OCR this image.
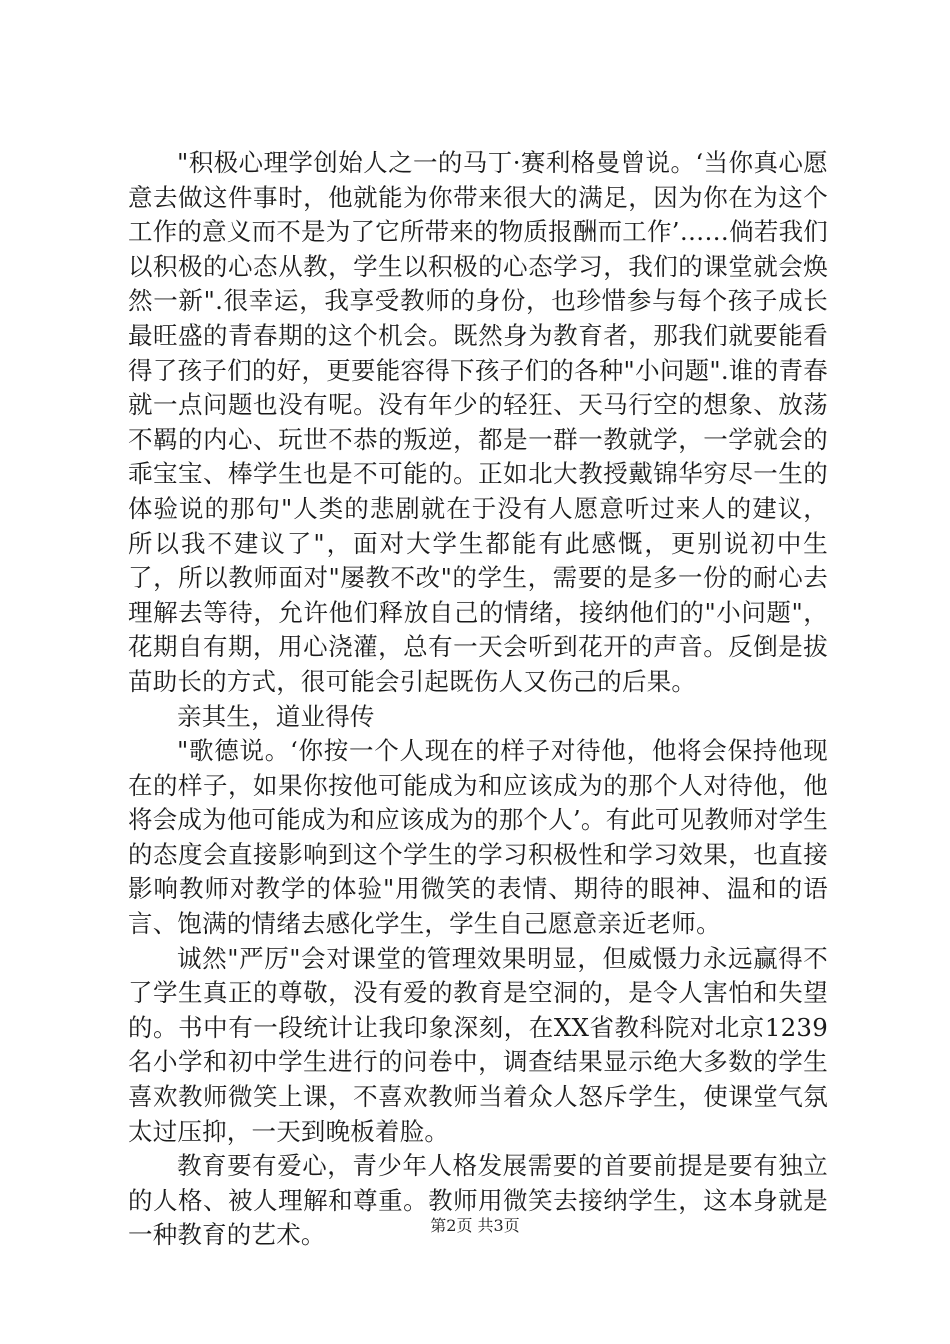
"积极心理学创始人之一的马丁·赛利格曼曾说。‘当你真心愿意去做这件事时，他就能为你带来很大的满足，因为你在为这个工作的意义而不是为了它所带来的物质报酬而工作’……倘若我们以积极的心态从教，学生以积极的心态学习，我们的课堂就会焕然一新".很幸运，我享受教师的身份，也珍惜参与每个孩子成长最旺盛的青春期的这个机会。既然身为教育者，那我们就要能看得了孩子们的好，更要能容得下孩子们的各种"小问题".谁的青春就一点问题也没有呢。没有年少的轻狂、天马行空的想象、放荡不羁的内心、玩世不恭的叛逆，都是一群一教就学，一学就会的乖宝宝、棒学生也是不可能的。正如北大教授戴锦华穷尽一生的体验说的那句"人类的悲剧就在于没有人愿意听过来人的建议，所以我不建议了"，面对大学生都能有此感慨，更别说初中生了，所以教师面对"屡教不改"的学生，需要的是多一份的耐心去理解去等待，允许他们释放自己的情绪，接纳他们的"小问题"，花期自有期，用心浇灌，总有一天会听到花开的声音。反倒是拔苗助长的方式，很可能会引起既伤人又伤己的后果。

亲其生，道业得传

"歌德说。‘你按一个人现在的样子对待他，他将会保持他现在的样子，如果你按他可能成为和应该成为的那个人对待他，他将会成为他可能成为和应该成为的那个人’。有此可见教师对学生的态度会直接影响到这个学生的学习积极性和学习效果，也直接影响教师对教学的体验"用微笑的表情、期待的眼神、温和的语言、饱满的情绪去感化学生，学生自己愿意亲近老师。

诚然"严厉"会对课堂的管理效果明显，但威慑力永远赢得不了学生真正的尊敬，没有爱的教育是空洞的，是令人害怕和失望的。书中有一段统计让我印象深刻，在XX省教科院对北京1239名小学和初中学生进行的问卷中，调查结果显示绝大多数的学生喜欢教师微笑上课，不喜欢教师当着众人怒斥学生，使课堂气氛太过压抑，一天到晚板着脸。

教育要有爱心，青少年人格发展需要的首要前提是要有独立的人格、被人理解和尊重。教师用微笑去接纳学生，这本身就是一种教育的艺术。	第2页 共3页
